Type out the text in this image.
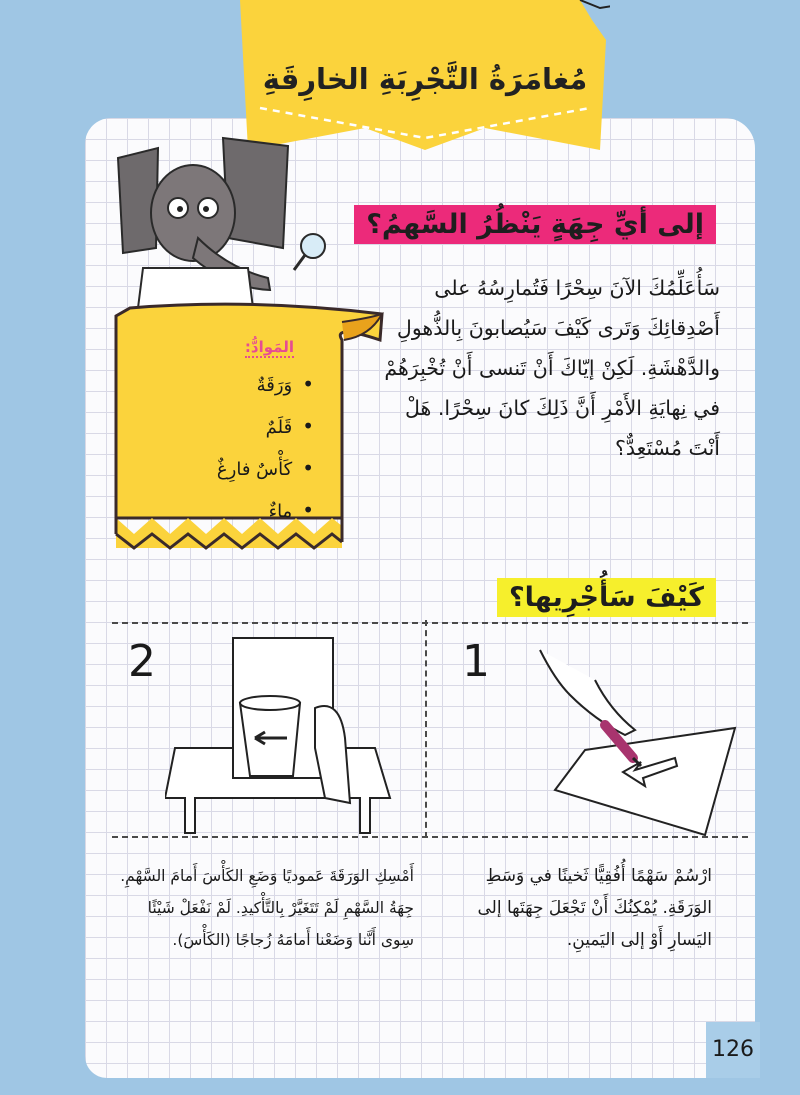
مُغامَرَةُ التَّجْرِبَةِ الخارِقَةِ
إلى أيِّ جِهَةٍ يَنْظُرُ السَّهمُ؟
سَأُعَلِّمُكَ الآنَ سِحْرًا فَتُمارِسُهُ على
أَصْدِقائِكَ وَتَرى كَيْفَ سَيُصابونَ بِالذُّهولِ
والدَّهْشَةِ. لَكِنْ إيّاكَ أَنْ تَنسى أَنْ تُخْبِرَهُمْ
في نِهايَةِ الأَمْرِ أَنَّ ذَلِكَ كانَ سِحْرًا. هَلْ
أَنْتَ مُسْتَعِدٌّ؟
المَوادُّ:
•وَرَقَةٌ
•قَلَمٌ
•كَأْسٌ فارِغٌ
•ماءٌ
كَيْفَ سَأُجْرِيها؟
1
2
ارْسُمْ سَهْمًا أُفُقِيًّا ثَخينًا في وَسَطِ
الوَرَقَةِ. يُمْكِنُكَ أَنْ تَجْعَلَ جِهَتَها إلى
اليَسارِ أَوْ إلى اليَمينِ.
أَمْسِكِ الوَرَقَةَ عَموديًا وَضَعِ الكَأْسَ أَمامَ السَّهْمِ.
جِهَةُ السَّهْمِ لَمْ تَتَغَيَّرْ بِالتَّأْكيدِ. لَمْ نَفْعَلْ شَيْئًا
سِوى أَنَّنا وَضَعْنا أَمامَهُ زُجاجًا (الكَأْسَ).
126
